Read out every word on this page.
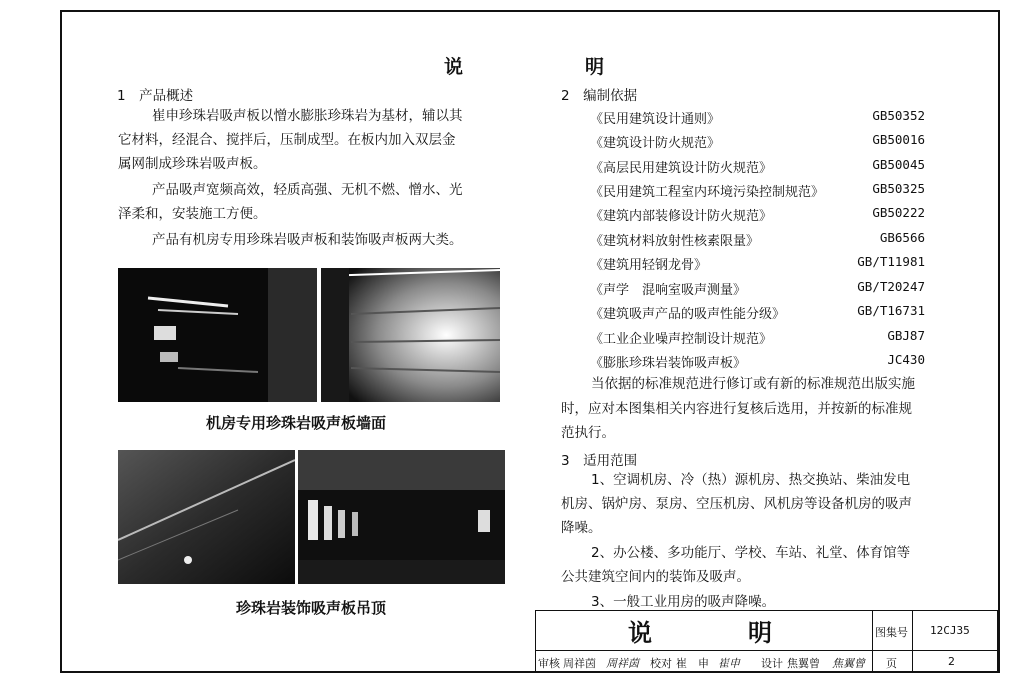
说	明
1　产品概述
崔申珍珠岩吸声板以憎水膨胀珍珠岩为基材，辅以其
它材料，经混合、搅拌后，压制成型。在板内加入双层金
属网制成珍珠岩吸声板。
产品吸声宽频高效，轻质高强、无机不燃、憎水、光
泽柔和，安装施工方便。
产品有机房专用珍珠岩吸声板和装饰吸声板两大类。
机房专用珍珠岩吸声板墙面
珍珠岩装饰吸声板吊顶
2　编制依据
《民用建筑设计通则》	GB50352
《建筑设计防火规范》	GB50016
《高层民用建筑设计防火规范》	GB50045
《民用建筑工程室内环境污染控制规范》	GB50325
《建筑内部装修设计防火规范》	GB50222
《建筑材料放射性核素限量》	GB6566
《建筑用轻钢龙骨》	GB/T11981
《声学　混响室吸声测量》	GB/T20247
《建筑吸声产品的吸声性能分级》	GB/T16731
《工业企业噪声控制设计规范》	GBJ87
《膨胀珍珠岩装饰吸声板》	JC430
当依据的标准规范进行修订或有新的标准规范出版实施
时，应对本图集相关内容进行复核后选用，并按新的标准规
范执行。
3　适用范围
1、空调机房、冷（热）源机房、热交换站、柴油发电
机房、锅炉房、泵房、空压机房、风机房等设备机房的吸声
降噪。
2、办公楼、多功能厅、学校、车站、礼堂、体育馆等
公共建筑空间内的装饰及吸声。
3、一般工业用房的吸声降噪。
说	明	图集号 12CJ35
审核 周祥茵 周祥茵 校对 崔　申 崔申 设计 焦翼曾 焦翼曾 页	2
